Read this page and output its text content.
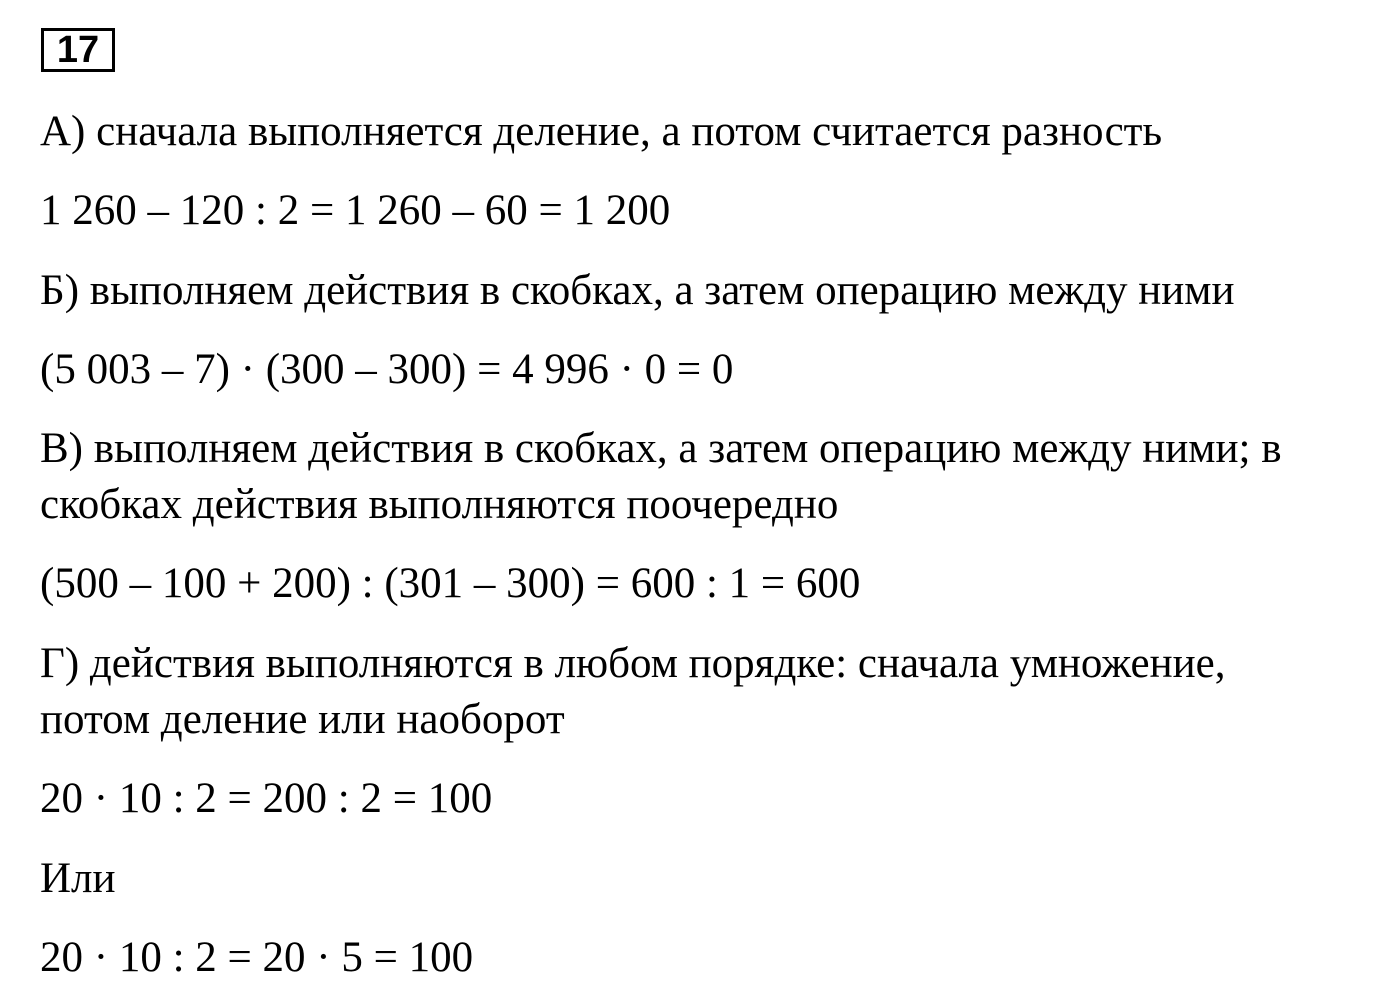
17
А) сначала выполняется деление, а потом считается разность
1 260 – 120 : 2 = 1 260 – 60 = 1 200
Б) выполняем действия в скобках, а затем операцию между ними
(5 003 – 7) · (300 – 300) = 4 996 · 0 = 0
В) выполняем действия в скобках, а затем операцию между ними; в
скобках действия выполняются поочередно
(500 – 100 + 200) : (301 – 300) = 600 : 1 = 600
Г) действия выполняются в любом порядке: сначала умножение,
потом деление или наоборот
20 · 10 : 2 = 200 : 2 = 100
Или
20 · 10 : 2 = 20 · 5 = 100
